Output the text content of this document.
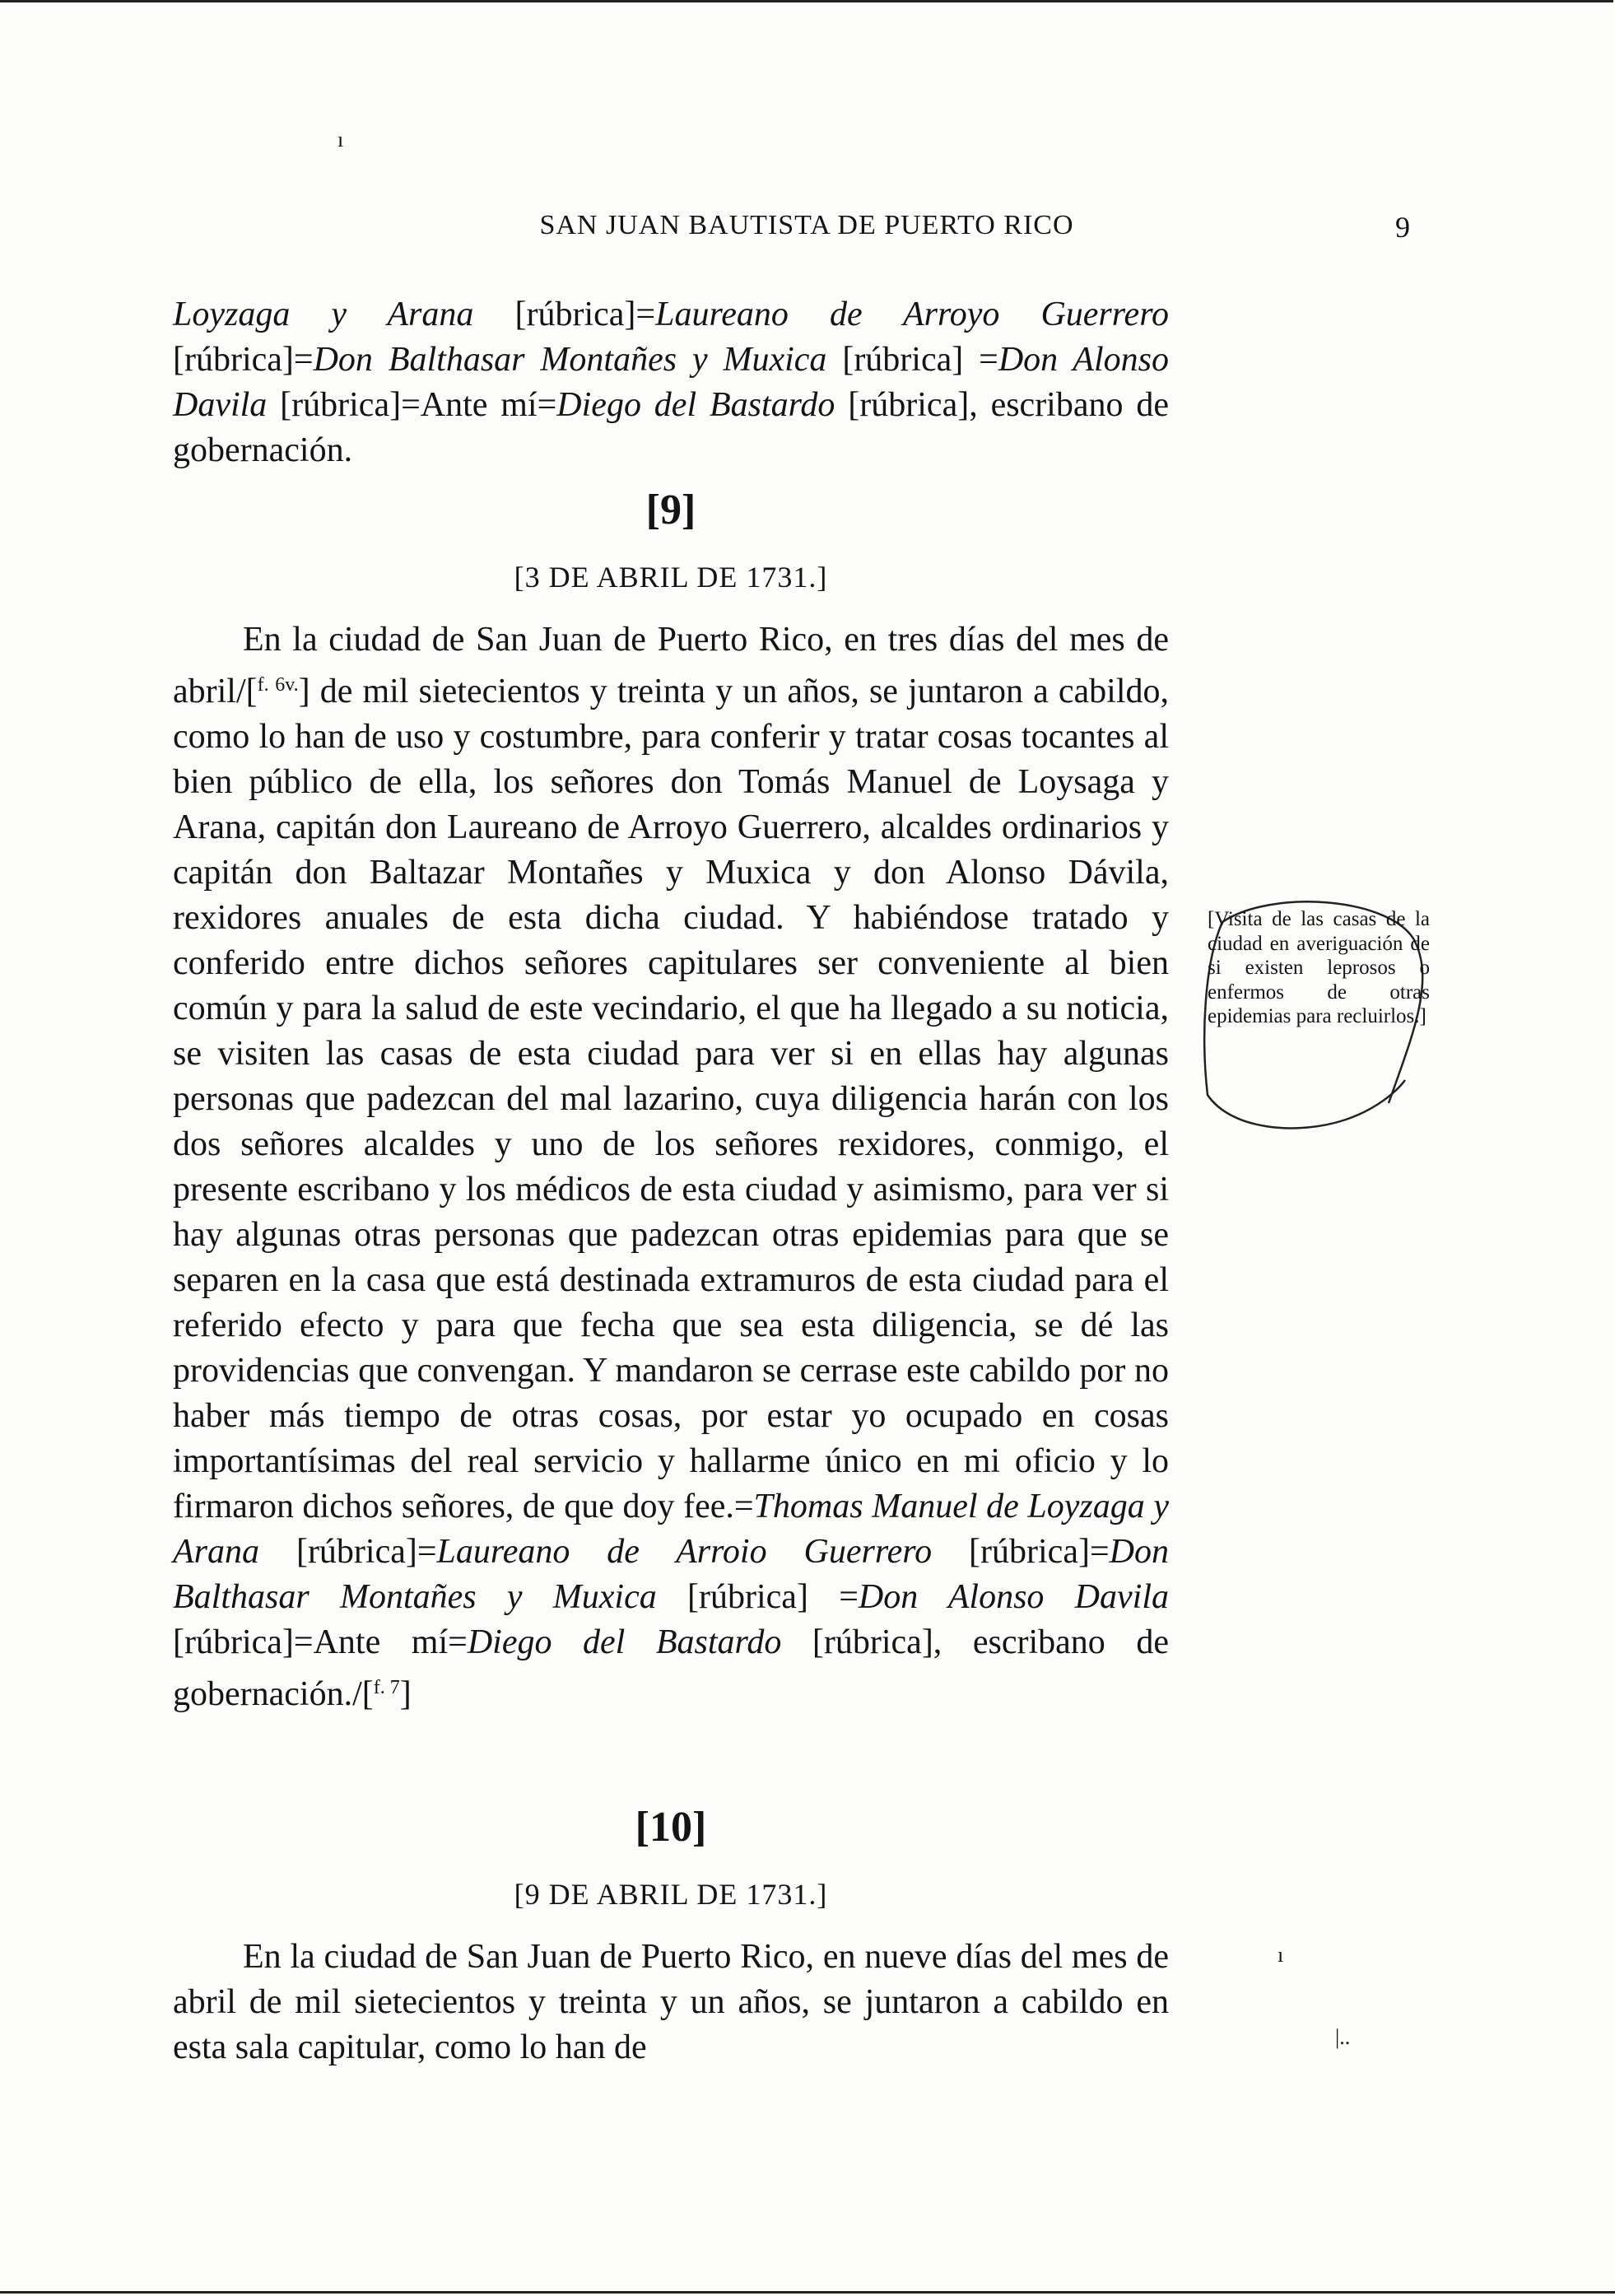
SAN JUAN BAUTISTA DE PUERTO RICO	9
Loyzaga y Arana [rúbrica]=Laureano de Arroyo Guerrero [rúbrica]=Don Balthasar Montañes y Muxica [rúbrica] =Don Alonso Davila [rúbrica]=Ante mí=Diego del Bastardo [rúbrica], escribano de gobernación.
[9]
[3 DE ABRIL DE 1731.]
En la ciudad de San Juan de Puerto Rico, en tres días del mes de abril/[$^{f. 6v.}$] de mil sietecientos y treinta y un años, se juntaron a cabildo, como lo han de uso y costumbre, para conferir y tratar cosas tocantes al bien público de ella, los señores don Tomás Manuel de Loysaga y Arana, capitán don Laureano de Arroyo Guerrero, alcaldes ordinarios y capitán don Baltazar Montañes y Muxica y don Alonso Dávila, rexidores anuales de esta dicha ciudad. Y habiéndose tratado y conferido entre dichos señores capitulares ser conveniente al bien común y para la salud de este vecindario, el que ha llegado a su noticia, se visiten las casas de esta ciudad para ver si en ellas hay algunas personas que padezcan del mal lazarino, cuya diligencia harán con los dos señores alcaldes y uno de los señores rexidores, conmigo, el presente escribano y los médicos de esta ciudad y asimismo, para ver si hay algunas otras personas que padezcan otras epidemias para que se separen en la casa que está destinada extramuros de esta ciudad para el referido efecto y para que fecha que sea esta diligencia, se dé las providencias que convengan. Y mandaron se cerrase este cabildo por no haber más tiempo de otras cosas, por estar yo ocupado en cosas importantísimas del real servicio y hallarme único en mi oficio y lo firmaron dichos señores, de que doy fee.=Thomas Manuel de Loyzaga y Arana [rúbrica]=Laureano de Arroio Guerrero [rúbrica]=Don Balthasar Montañes y Muxica [rúbrica] =Don Alonso Davila [rúbrica]=Ante mí=Diego del Bastardo [rúbrica], escribano de gobernación./[$^{f. 7}$]
[Visita de las casas de la ciudad en averiguación de si existen leprosos o enfermos de otras epidemias para recluirlos.]
[10]
[9 DE ABRIL DE 1731.]
En la ciudad de San Juan de Puerto Rico, en nueve días del mes de abril de mil sietecientos y treinta y un años, se juntaron a cabildo en esta sala capitular, como lo han de
ı
ı
|..
